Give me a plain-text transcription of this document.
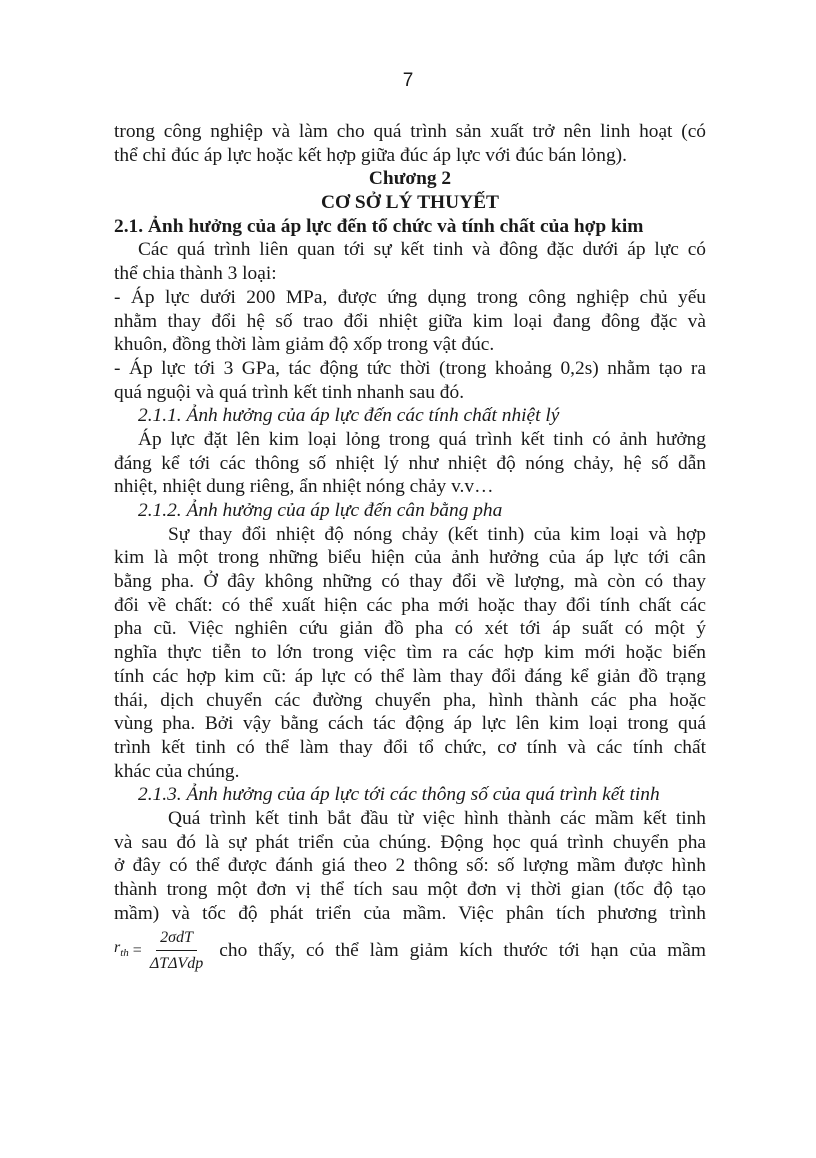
7
trong công nghiệp và làm cho quá trình sản xuất trở nên linh hoạt (có
thể chỉ đúc áp lực hoặc kết hợp giữa đúc áp lực với đúc bán lỏng).
Chương 2
CƠ SỞ LÝ THUYẾT
2.1. Ảnh hưởng của áp lực đến tổ chức và tính chất của hợp kim
Các quá trình liên quan tới sự kết tinh và đông đặc dưới áp lực có
thể chia thành 3 loại:
- Áp lực dưới 200 MPa, được ứng dụng trong công nghiệp chủ yếu
nhằm thay đổi hệ số trao đổi nhiệt giữa kim loại đang đông đặc và
khuôn, đồng thời làm giảm độ xốp trong vật đúc.
- Áp lực tới 3 GPa, tác động tức thời (trong khoảng 0,2s) nhằm tạo ra
quá nguội và quá trình kết tinh nhanh sau đó.
2.1.1. Ảnh hưởng của áp lực đến các tính chất nhiệt lý
Áp lực đặt lên kim loại lỏng trong quá trình kết tinh có ảnh hưởng
đáng kể tới các thông số nhiệt lý như nhiệt độ nóng chảy, hệ số dẫn
nhiệt, nhiệt dung riêng, ẩn nhiệt nóng chảy v.v…
2.1.2. Ảnh hưởng của áp lực đến cân bằng pha
Sự thay đổi nhiệt độ nóng chảy (kết tinh) của kim loại và hợp
kim là một trong những biểu hiện của ảnh hưởng của áp lực tới cân
bằng pha. Ở đây không những có thay đổi về lượng, mà còn có thay
đổi về chất: có thể xuất hiện các pha mới hoặc thay đổi tính chất các
pha cũ. Việc nghiên cứu giản đồ pha có xét tới áp suất có một ý
nghĩa thực tiễn to lớn trong việc tìm ra các hợp kim mới hoặc biến
tính các hợp kim cũ: áp lực có thể làm thay đổi đáng kể giản đồ trạng
thái, dịch chuyển các đường chuyển pha, hình thành các pha hoặc
vùng pha. Bởi vậy bằng cách tác động áp lực lên kim loại trong quá
trình kết tinh có thể làm thay đổi tổ chức, cơ tính và các tính chất
khác của chúng.
2.1.3. Ảnh hưởng của áp lực tới các thông số của quá trình kết tinh
Quá trình kết tinh bắt đầu từ việc hình thành các mầm kết tinh
và sau đó là sự phát triển của chúng. Động học quá trình chuyển pha
ở đây có thể được đánh giá theo 2 thông số: số lượng mầm được hình
thành trong một đơn vị thể tích sau một đơn vị thời gian (tốc độ tạo
mầm) và tốc độ phát triển của mầm. Việc phân tích phương trình
$r_{th} = \frac{\text{2σdT}}{\text{ΔTΔVdp}}$ cho thấy, có thể làm giảm kích thước tới hạn của mầm
